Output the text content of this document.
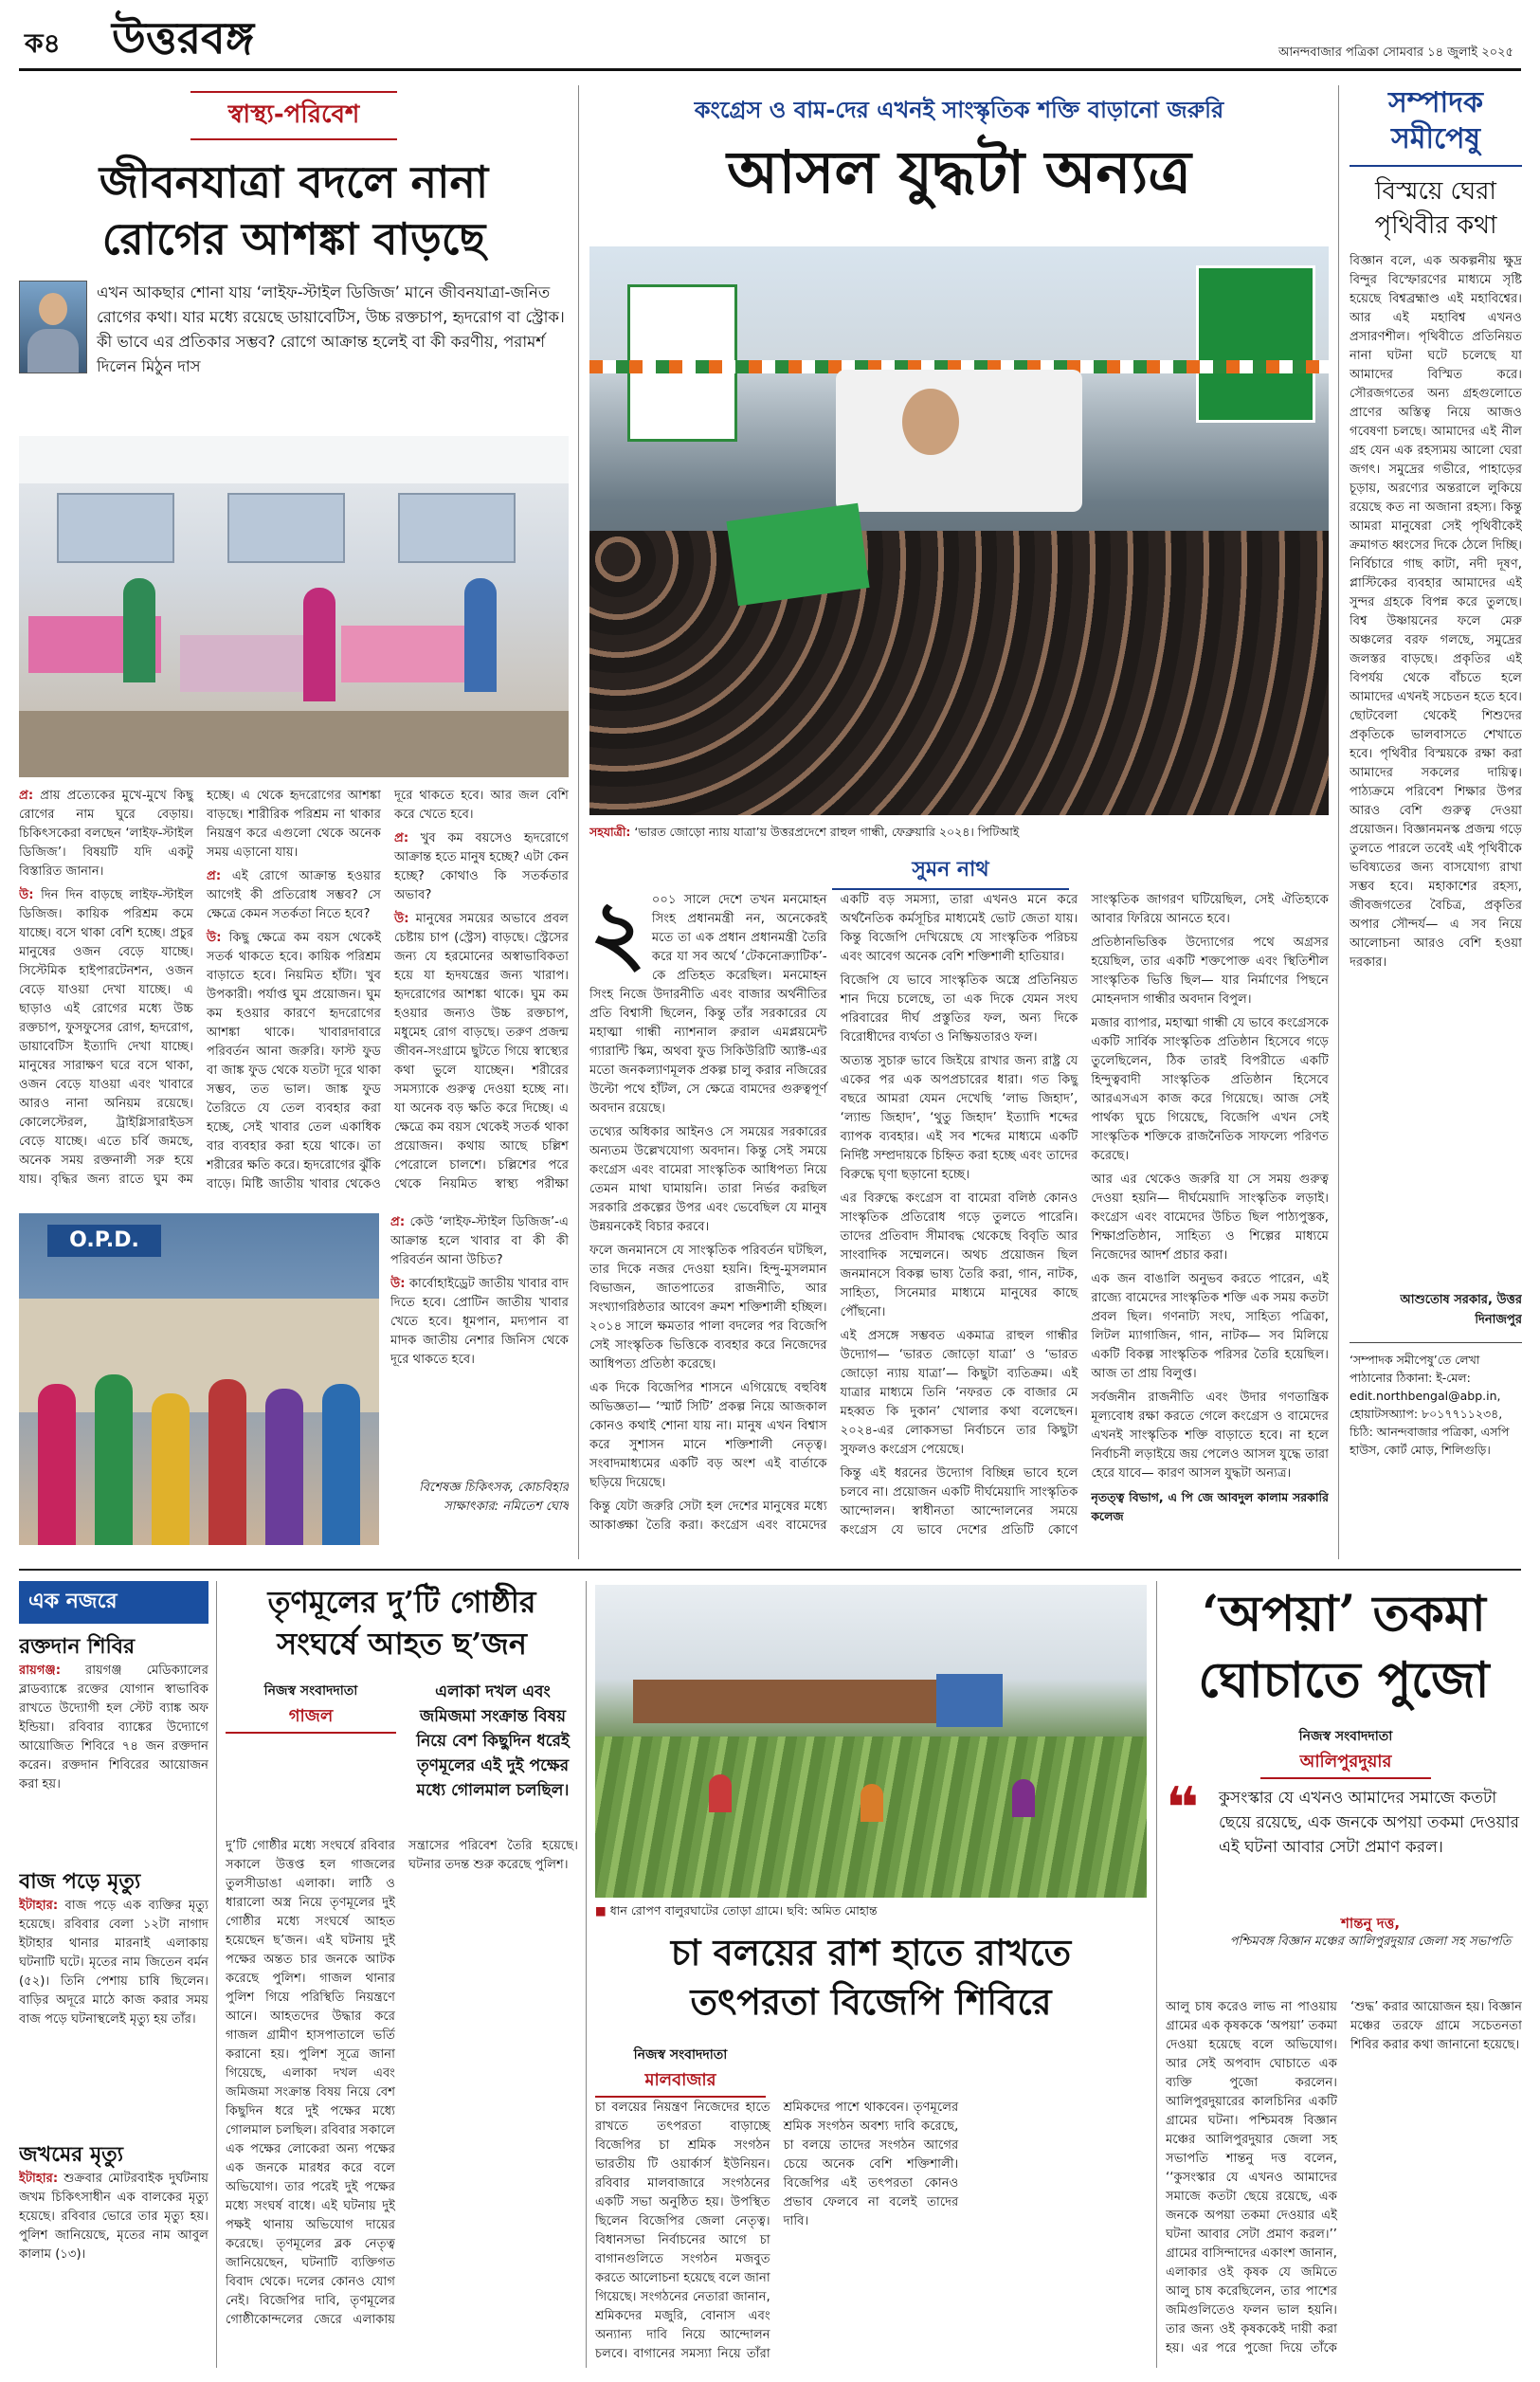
ক৪ উত্তরবঙ্গ	আনন্দবাজার পত্রিকা সোমবার ১৪ জুলাই ২০২৫
স্বাস্থ্য-পরিবেশ
জীবনযাত্রা বদলে নানা
রোগের আশঙ্কা বাড়ছে
এখন আকছার শোনা যায় ‘লাইফ-স্টাইল ডিজিজ’ মানে জীবনযাত্রা-জনিত রোগের কথা। যার মধ্যে রয়েছে ডায়াবেটিস, উচ্চ রক্তচাপ, হৃদরোগ বা স্ট্রোক। কী ভাবে এর প্রতিকার সম্ভব? রোগে আক্রান্ত হলেই বা কী করণীয়, পরামর্শ দিলেন মিঠুন দাস

প্র: প্রায় প্রত্যেকের মুখে-মুখে কিছু রোগের নাম ঘুরে বেড়ায়। চিকিৎসকেরা বলছেন ‘লাইফ-স্টাইল ডিজিজ’। বিষয়টি যদি একটু বিস্তারিত জানান।

উ: দিন দিন বাড়ছে লাইফ-স্টাইল ডিজিজ। কায়িক পরিশ্রম কমে যাচ্ছে। বসে থাকা বেশি হচ্ছে। প্রচুর মানুষের ওজন বেড়ে যাচ্ছে। সিস্টেমিক হাইপারটেনশন, ওজন বেড়ে যাওয়া দেখা যাচ্ছে। এ ছাড়াও এই রোগের মধ্যে উচ্চ রক্তচাপ, ফুসফুসের রোগ, হৃদরোগ, ডায়াবেটিস ইত্যাদি দেখা যাচ্ছে। মানুষের সারাক্ষণ ঘরে বসে থাকা, ওজন বেড়ে যাওয়া এবং খাবারে আরও নানা অনিয়ম রয়েছে। কোলেস্টেরল, ট্রাইগ্লিসারাইডস বেড়ে যাচ্ছে। এতে চর্বি জমছে, অনেক সময় রক্তনালী সরু হয়ে যায়। বৃদ্ধির জন্য রাতে ঘুম কম হচ্ছে। এ থেকে হৃদরোগের আশঙ্কা বাড়ছে। শারীরিক পরিশ্রম না থাকার নিয়ন্ত্রণ করে এগুলো থেকে অনেক সময় এড়ানো যায়।

প্র: এই রোগে আক্রান্ত হওয়ার আগেই কী প্রতিরোধ সম্ভব? সে ক্ষেত্রে কেমন সতর্কতা নিতে হবে?

উ: কিছু ক্ষেত্রে কম বয়স থেকেই সতর্ক থাকতে হবে। কায়িক পরিশ্রম বাড়াতে হবে। নিয়মিত হাঁটা। খুব উপকারী। পর্যাপ্ত ঘুম প্রয়োজন। ঘুম কম হওয়ার কারণে হৃদরোগের আশঙ্কা থাকে। খাবারদাবারে পরিবর্তন আনা জরুরি। ফাস্ট ফুড বা জাঙ্ক ফুড থেকে যতটা দূরে থাকা সম্ভব, তত ভাল। জাঙ্ক ফুড তৈরিতে যে তেল ব্যবহার করা হচ্ছে, সেই খাবার তেল একাধিক বার ব্যবহার করা হয়ে থাকে। তা শরীরের ক্ষতি করে। হৃদরোগের ঝুঁকি বাড়ে। মিষ্টি জাতীয় খাবার থেকেও দূরে থাকতে হবে। আর জল বেশি করে খেতে হবে।

প্র: খুব কম বয়সেও হৃদরোগে আক্রান্ত হতে মানুষ হচ্ছে? এটা কেন হচ্ছে? কোথাও কি সতর্কতার অভাব?

উ: মানুষের সময়ের অভাবে প্রবল চেষ্টায় চাপ (স্ট্রেস) বাড়ছে। স্ট্রেসের জন্য যে হরমোনের অস্বাভাবিকতা হয়ে যা হৃদযন্ত্রের জন্য খারাপ। হৃদরোগের আশঙ্কা থাকে। ঘুম কম হওয়ার জন্যও উচ্চ রক্তচাপ, মধুমেহ রোগ বাড়ছে। তরুণ প্রজন্ম জীবন-সংগ্রামে ছুটতে গিয়ে স্বাস্থ্যের কথা ভুলে যাচ্ছেন। শরীরের সমস্যাকে গুরুত্ব দেওয়া হচ্ছে না। যা অনেক বড় ক্ষতি করে দিচ্ছে। এ ক্ষেত্রে কম বয়স থেকেই সতর্ক থাকা প্রয়োজন। কথায় আছে চল্লিশ পেরোলে চালশে। চল্লিশের পরে থেকে নিয়মিত স্বাস্থ্য পরীক্ষা

O.P.D.

প্র: কেউ ‘লাইফ-স্টাইল ডিজিজ’-এ আক্রান্ত হলে খাবার বা কী কী পরিবর্তন আনা উচিত?

উ: কার্বোহাইড্রেট জাতীয় খাবার বাদ দিতে হবে। প্রোটিন জাতীয় খাবার খেতে হবে। ধূমপান, মদ্যপান বা মাদক জাতীয় নেশার জিনিস থেকে দূরে থাকতে হবে।

বিশেষজ্ঞ চিকিৎসক, কোচবিহার
সাক্ষাৎকার: নমিতেশ ঘোষ
কংগ্রেস ও বাম-দের এখনই সাংস্কৃতিক শক্তি বাড়ানো জরুরি
আসল যুদ্ধটা অন্যত্র
সহযাত্রী: ‘ভারত জোড়ো ন্যায় যাত্রা’য় উত্তরপ্রদেশে রাহুল গান্ধী, ফেব্রুয়ারি ২০২৪। পিটিআই
সুমন নাথ

২ ০০১ সালে দেশে তখন মনমোহন সিংহ প্রধানমন্ত্রী নন, অনেকেরই মতে তা এক প্রধান প্রধানমন্ত্রী তৈরি করে যা সব অর্থে ‘টেকনোক্র্যাটিক’-কে প্রতিহত করেছিল। মনমোহন সিংহ নিজে উদারনীতি এবং বাজার অর্থনীতির প্রতি বিশ্বাসী ছিলেন, কিন্তু তাঁর সরকারের যে মহাত্মা গান্ধী ন্যাশনাল রুরাল এমপ্লয়মেন্ট গ্যারান্টি স্কিম, অথবা ফুড সিকিউরিটি অ্যাক্ট-এর মতো জনকল্যাণমূলক প্রকল্প চালু করার নজিরের উল্টো পথে হাঁটল, সে ক্ষেত্রে বামদের গুরুত্বপূর্ণ অবদান রয়েছে।

তথ্যের অধিকার আইনও সে সময়ের সরকারের অন্যতম উল্লেখযোগ্য অবদান। কিন্তু সেই সময়ে কংগ্রেস এবং বামেরা সাংস্কৃতিক আধিপত্য নিয়ে তেমন মাথা ঘামায়নি। তারা নির্ভর করছিল সরকারি প্রকল্পের উপর এবং ভেবেছিল যে মানুষ উন্নয়নকেই বিচার করবে।

ফলে জনমানসে যে সাংস্কৃতিক পরিবর্তন ঘটছিল, তার দিকে নজর দেওয়া হয়নি। হিন্দু-মুসলমান বিভাজন, জাতপাতের রাজনীতি, আর সংখ্যাগরিষ্ঠতার আবেগ ক্রমশ শক্তিশালী হচ্ছিল। ২০১৪ সালে ক্ষমতার পালা বদলের পর বিজেপি সেই সাংস্কৃতিক ভিত্তিকে ব্যবহার করে নিজেদের আধিপত্য প্রতিষ্ঠা করেছে।

এক দিকে বিজেপির শাসনে এগিয়েছে বহুবিধ অভিজ্ঞতা— ‘স্মার্ট সিটি’ প্রকল্প নিয়ে আজকাল কোনও কথাই শোনা যায় না। মানুষ এখন বিশ্বাস করে সুশাসন মানে শক্তিশালী নেতৃত্ব। সংবাদমাধ্যমের একটি বড় অংশ এই বার্তাকে ছড়িয়ে দিয়েছে।

কিন্তু যেটা জরুরি সেটা হল দেশের মানুষের মধ্যে আকাঙ্ক্ষা তৈরি করা। কংগ্রেস এবং বামেদের একটি বড় সমস্যা, তারা এখনও মনে করে অর্থনৈতিক কর্মসূচির মাধ্যমেই ভোট জেতা যায়। কিন্তু বিজেপি দেখিয়েছে যে সাংস্কৃতিক পরিচয় এবং আবেগ অনেক বেশি শক্তিশালী হাতিয়ার।

বিজেপি যে ভাবে সাংস্কৃতিক অস্ত্রে প্রতিনিয়ত শান দিয়ে চলেছে, তা এক দিকে যেমন সংঘ পরিবারের দীর্ঘ প্রস্তুতির ফল, অন্য দিকে বিরোধীদের ব্যর্থতা ও নিষ্ক্রিয়তারও ফল।

অত্যন্ত সুচারু ভাবে জিইয়ে রাখার জন্য রাষ্ট্র যে একের পর এক অপপ্রচারের ধারা। গত কিছু বছরে আমরা যেমন দেখেছি ‘লাভ জিহাদ’, ‘ল্যান্ড জিহাদ’, ‘থুতু জিহাদ’ ইত্যাদি শব্দের ব্যাপক ব্যবহার। এই সব শব্দের মাধ্যমে একটি নির্দিষ্ট সম্প্রদায়কে চিহ্নিত করা হচ্ছে এবং তাদের বিরুদ্ধে ঘৃণা ছড়ানো হচ্ছে।

এর বিরুদ্ধে কংগ্রেস বা বামেরা বলিষ্ঠ কোনও সাংস্কৃতিক প্রতিরোধ গড়ে তুলতে পারেনি। তাদের প্রতিবাদ সীমাবদ্ধ থেকেছে বিবৃতি আর সাংবাদিক সম্মেলনে। অথচ প্রয়োজন ছিল জনমানসে বিকল্প ভাষ্য তৈরি করা, গান, নাটক, সাহিত্য, সিনেমার মাধ্যমে মানুষের কাছে পৌঁছনো।

এই প্রসঙ্গে সম্ভবত একমাত্র রাহুল গান্ধীর উদ্যোগ— ‘ভারত জোড়ো যাত্রা’ ও ‘ভারত জোড়ো ন্যায় যাত্রা’— কিছুটা ব্যতিক্রম। এই যাত্রার মাধ্যমে তিনি ‘নফরত কে বাজার মে মহব্বত কি দুকান’ খোলার কথা বলেছেন। ২০২৪-এর লোকসভা নির্বাচনে তার কিছুটা সুফলও কংগ্রেস পেয়েছে।

কিন্তু এই ধরনের উদ্যোগ বিচ্ছিন্ন ভাবে হলে চলবে না। প্রয়োজন একটি দীর্ঘমেয়াদি সাংস্কৃতিক আন্দোলন। স্বাধীনতা আন্দোলনের সময়ে কংগ্রেস যে ভাবে দেশের প্রতিটি কোণে সাংস্কৃতিক জাগরণ ঘটিয়েছিল, সেই ঐতিহ্যকে আবার ফিরিয়ে আনতে হবে।

প্রতিষ্ঠানভিত্তিক উদ্যোগের পথে অগ্রসর হয়েছিল, তার একটি শক্তপোক্ত এবং স্থিতিশীল সাংস্কৃতিক ভিত্তি ছিল— যার নির্মাণের পিছনে মোহনদাস গান্ধীর অবদান বিপুল।

মজার ব্যাপার, মহাত্মা গান্ধী যে ভাবে কংগ্রেসকে একটি সার্বিক সাংস্কৃতিক প্রতিষ্ঠান হিসেবে গড়ে তুলেছিলেন, ঠিক তারই বিপরীতে একটি হিন্দুত্ববাদী সাংস্কৃতিক প্রতিষ্ঠান হিসেবে আরএসএস কাজ করে গিয়েছে। আজ সেই পার্থক্য ঘুচে গিয়েছে, বিজেপি এখন সেই সাংস্কৃতিক শক্তিকে রাজনৈতিক সাফল্যে পরিণত করেছে।

আর এর থেকেও জরুরি যা সে সময় গুরুত্ব দেওয়া হয়নি— দীর্ঘমেয়াদি সাংস্কৃতিক লড়াই। কংগ্রেস এবং বামেদের উচিত ছিল পাঠ্যপুস্তক, শিক্ষাপ্রতিষ্ঠান, সাহিত্য ও শিল্পের মাধ্যমে নিজেদের আদর্শ প্রচার করা।

এক জন বাঙালি অনুভব করতে পারেন, এই রাজ্যে বামেদের সাংস্কৃতিক শক্তি এক সময় কতটা প্রবল ছিল। গণনাট্য সংঘ, সাহিত্য পত্রিকা, লিটল ম্যাগাজিন, গান, নাটক— সব মিলিয়ে একটি বিকল্প সাংস্কৃতিক পরিসর তৈরি হয়েছিল। আজ তা প্রায় বিলুপ্ত।

সর্বজনীন রাজনীতি এবং উদার গণতান্ত্রিক মূল্যবোধ রক্ষা করতে গেলে কংগ্রেস ও বামেদের এখনই সাংস্কৃতিক শক্তি বাড়াতে হবে। না হলে নির্বাচনী লড়াইয়ে জয় পেলেও আসল যুদ্ধে তারা হেরে যাবে— কারণ আসল যুদ্ধটা অন্যত্র।

নৃতত্ত্ব বিভাগ, এ পি জে আবদুল কালাম সরকারি কলেজ

সম্পাদক
সমীপেষু
বিস্ময়ে ঘেরা
পৃথিবীর কথা
বিজ্ঞান বলে, এক অকল্পনীয় ক্ষুদ্র বিন্দুর বিস্ফোরণের মাধ্যমে সৃষ্টি হয়েছে বিশ্বব্রহ্মাণ্ড এই মহাবিশ্বের। আর এই মহাবিশ্ব এখনও প্রসারণশীল। পৃথিবীতে প্রতিনিয়ত নানা ঘটনা ঘটে চলেছে যা আমাদের বিস্মিত করে। সৌরজগতের অন্য গ্রহগুলোতে প্রাণের অস্তিত্ব নিয়ে আজও গবেষণা চলছে। আমাদের এই নীল গ্রহ যেন এক রহস্যময় আলো ঘেরা জগৎ। সমুদ্রের গভীরে, পাহাড়ের চূড়ায়, অরণ্যের অন্তরালে লুকিয়ে রয়েছে কত না অজানা রহস্য। কিন্তু আমরা মানুষেরা সেই পৃথিবীকেই ক্রমাগত ধ্বংসের দিকে ঠেলে দিচ্ছি। নির্বিচারে গাছ কাটা, নদী দূষণ, প্লাস্টিকের ব্যবহার আমাদের এই সুন্দর গ্রহকে বিপন্ন করে তুলছে। বিশ্ব উষ্ণায়নের ফলে মেরু অঞ্চলের বরফ গলছে, সমুদ্রের জলস্তর বাড়ছে। প্রকৃতির এই বিপর্যয় থেকে বাঁচতে হলে আমাদের এখনই সচেতন হতে হবে। ছোটবেলা থেকেই শিশুদের প্রকৃতিকে ভালবাসতে শেখাতে হবে। পৃথিবীর বিস্ময়কে রক্ষা করা আমাদের সকলের দায়িত্ব। পাঠ্যক্রমে পরিবেশ শিক্ষার উপর আরও বেশি গুরুত্ব দেওয়া প্রয়োজন। বিজ্ঞানমনস্ক প্রজন্ম গড়ে তুলতে পারলে তবেই এই পৃথিবীকে ভবিষ্যতের জন্য বাসযোগ্য রাখা সম্ভব হবে। মহাকাশের রহস্য, জীবজগতের বৈচিত্র, প্রকৃতির অপার সৌন্দর্য— এ সব নিয়ে আলোচনা আরও বেশি হওয়া দরকার।
আশুতোষ সরকার, উত্তর দিনাজপুর
‘সম্পাদক সমীপেষু’তে লেখা পাঠানোর ঠিকানা: ই-মেল: edit.northbengal@abp.in, হোয়াটসঅ্যাপ: ৮০১৭৭১১২৩৪, চিঠি: আনন্দবাজার পত্রিকা, এসপি হাউস, কোর্ট মোড়, শিলিগুড়ি।
এক নজরে
রক্তদান শিবির
রায়গঞ্জ: রায়গঞ্জ মেডিক্যালের ব্লাডব্যাঙ্কে রক্তের যোগান স্বাভাবিক রাখতে উদ্যোগী হল স্টেট ব্যাঙ্ক অফ ইন্ডিয়া। রবিবার ব্যাঙ্কের উদ্যোগে আয়োজিত শিবিরে ৭৪ জন রক্তদান করেন। রক্তদান শিবিরের আয়োজন করা হয়।
বাজ পড়ে মৃত্যু
ইটাহার: বাজ পড়ে এক ব্যক্তির মৃত্যু হয়েছে। রবিবার বেলা ১২টা নাগাদ ইটাহার থানার মারনাই এলাকায় ঘটনাটি ঘটে। মৃতের নাম জিতেন বর্মন (৫২)। তিনি পেশায় চাষি ছিলেন। বাড়ির অদূরে মাঠে কাজ করার সময় বাজ পড়ে ঘটনাস্থলেই মৃত্যু হয় তাঁর।
জখমের মৃত্যু
ইটাহার: শুক্রবার মোটরবাইক দুর্ঘটনায় জখম চিকিৎসাধীন এক বালকের মৃত্যু হয়েছে। রবিবার ভোরে তার মৃত্যু হয়। পুলিশ জানিয়েছে, মৃতের নাম আবুল কালাম (১৩)।
তৃণমূলের দু’টি গোষ্ঠীর
সংঘর্ষে আহত ছ’জন
নিজস্ব সংবাদদাতা
গাজল
এলাকা দখল এবং জমিজমা সংক্রান্ত বিষয় নিয়ে বেশ কিছুদিন ধরেই তৃণমূলের এই দুই পক্ষের মধ্যে গোলমাল চলছিল।
দু’টি গোষ্ঠীর মধ্যে সংঘর্ষে রবিবার সকালে উত্তপ্ত হল গাজলের তুলসীডাঙা এলাকা। লাঠি ও ধারালো অস্ত্র নিয়ে তৃণমূলের দুই গোষ্ঠীর মধ্যে সংঘর্ষে আহত হয়েছেন ছ’জন। এই ঘটনায় দুই পক্ষের অন্তত চার জনকে আটক করেছে পুলিশ। গাজল থানার পুলিশ গিয়ে পরিস্থিতি নিয়ন্ত্রণে আনে। আহতদের উদ্ধার করে গাজল গ্রামীণ হাসপাতালে ভর্তি করানো হয়। পুলিশ সূত্রে জানা গিয়েছে, এলাকা দখল এবং জমিজমা সংক্রান্ত বিষয় নিয়ে বেশ কিছুদিন ধরে দুই পক্ষের মধ্যে গোলমাল চলছিল। রবিবার সকালে এক পক্ষের লোকেরা অন্য পক্ষের এক জনকে মারধর করে বলে অভিযোগ। তার পরেই দুই পক্ষের মধ্যে সংঘর্ষ বাধে। এই ঘটনায় দুই পক্ষই থানায় অভিযোগ দায়ের করেছে। তৃণমূলের ব্লক নেতৃত্ব জানিয়েছেন, ঘটনাটি ব্যক্তিগত বিবাদ থেকে। দলের কোনও যোগ নেই। বিজেপির দাবি, তৃণমূলের গোষ্ঠীকোন্দলের জেরে এলাকায় সন্ত্রাসের পরিবেশ তৈরি হয়েছে। ঘটনার তদন্ত শুরু করেছে পুলিশ।
■ ধান রোপণ বালুরঘাটের তোড়া গ্রামে। ছবি: অমিত মোহান্ত
চা বলয়ের রাশ হাতে রাখতে
তৎপরতা বিজেপি শিবিরে
নিজস্ব সংবাদদাতা
মালবাজার
চা বলয়ের নিয়ন্ত্রণ নিজেদের হাতে রাখতে তৎপরতা বাড়াচ্ছে বিজেপির চা শ্রমিক সংগঠন ভারতীয় টি ওয়ার্কার্স ইউনিয়ন। রবিবার মালবাজারে সংগঠনের একটি সভা অনুষ্ঠিত হয়। উপস্থিত ছিলেন বিজেপির জেলা নেতৃত্ব। বিধানসভা নির্বাচনের আগে চা বাগানগুলিতে সংগঠন মজবুত করতে আলোচনা হয়েছে বলে জানা গিয়েছে। সংগঠনের নেতারা জানান, শ্রমিকদের মজুরি, বোনাস এবং অন্যান্য দাবি নিয়ে আন্দোলন চলবে। বাগানের সমস্যা নিয়ে তাঁরা শ্রমিকদের পাশে থাকবেন। তৃণমূলের শ্রমিক সংগঠন অবশ্য দাবি করেছে, চা বলয়ে তাদের সংগঠন আগের চেয়ে অনেক বেশি শক্তিশালী। বিজেপির এই তৎপরতা কোনও প্রভাব ফেলবে না বলেই তাদের দাবি।
‘অপয়া’ তকমা
ঘোচাতে পুজো
নিজস্ব সংবাদদাতা
আলিপুরদুয়ার
❝ কুসংস্কার যে এখনও আমাদের সমাজে কতটা ছেয়ে রয়েছে, এক জনকে অপয়া তকমা দেওয়ার এই ঘটনা আবার সেটা প্রমাণ করল।
শান্তনু দত্ত,
পশ্চিমবঙ্গ বিজ্ঞান মঞ্চের আলিপুরদুয়ার জেলা সহ সভাপতি
আলু চাষ করেও লাভ না পাওয়ায় গ্রামের এক কৃষককে ‘অপয়া’ তকমা দেওয়া হয়েছে বলে অভিযোগ। আর সেই অপবাদ ঘোচাতে এক ব্যক্তি পুজো করলেন। আলিপুরদুয়ারের কালচিনির একটি গ্রামের ঘটনা। পশ্চিমবঙ্গ বিজ্ঞান মঞ্চের আলিপুরদুয়ার জেলা সহ সভাপতি শান্তনু দত্ত বলেন, ‘‘কুসংস্কার যে এখনও আমাদের সমাজে কতটা ছেয়ে রয়েছে, এক জনকে অপয়া তকমা দেওয়ার এই ঘটনা আবার সেটা প্রমাণ করল।’’ গ্রামের বাসিন্দাদের একাংশ জানান, এলাকার ওই কৃষক যে জমিতে আলু চাষ করেছিলেন, তার পাশের জমিগুলিতেও ফলন ভাল হয়নি। তার জন্য ওই কৃষককেই দায়ী করা হয়। এর পরে পুজো দিয়ে তাঁকে ‘শুদ্ধ’ করার আয়োজন হয়। বিজ্ঞান মঞ্চের তরফে গ্রামে সচেতনতা শিবির করার কথা জানানো হয়েছে।
